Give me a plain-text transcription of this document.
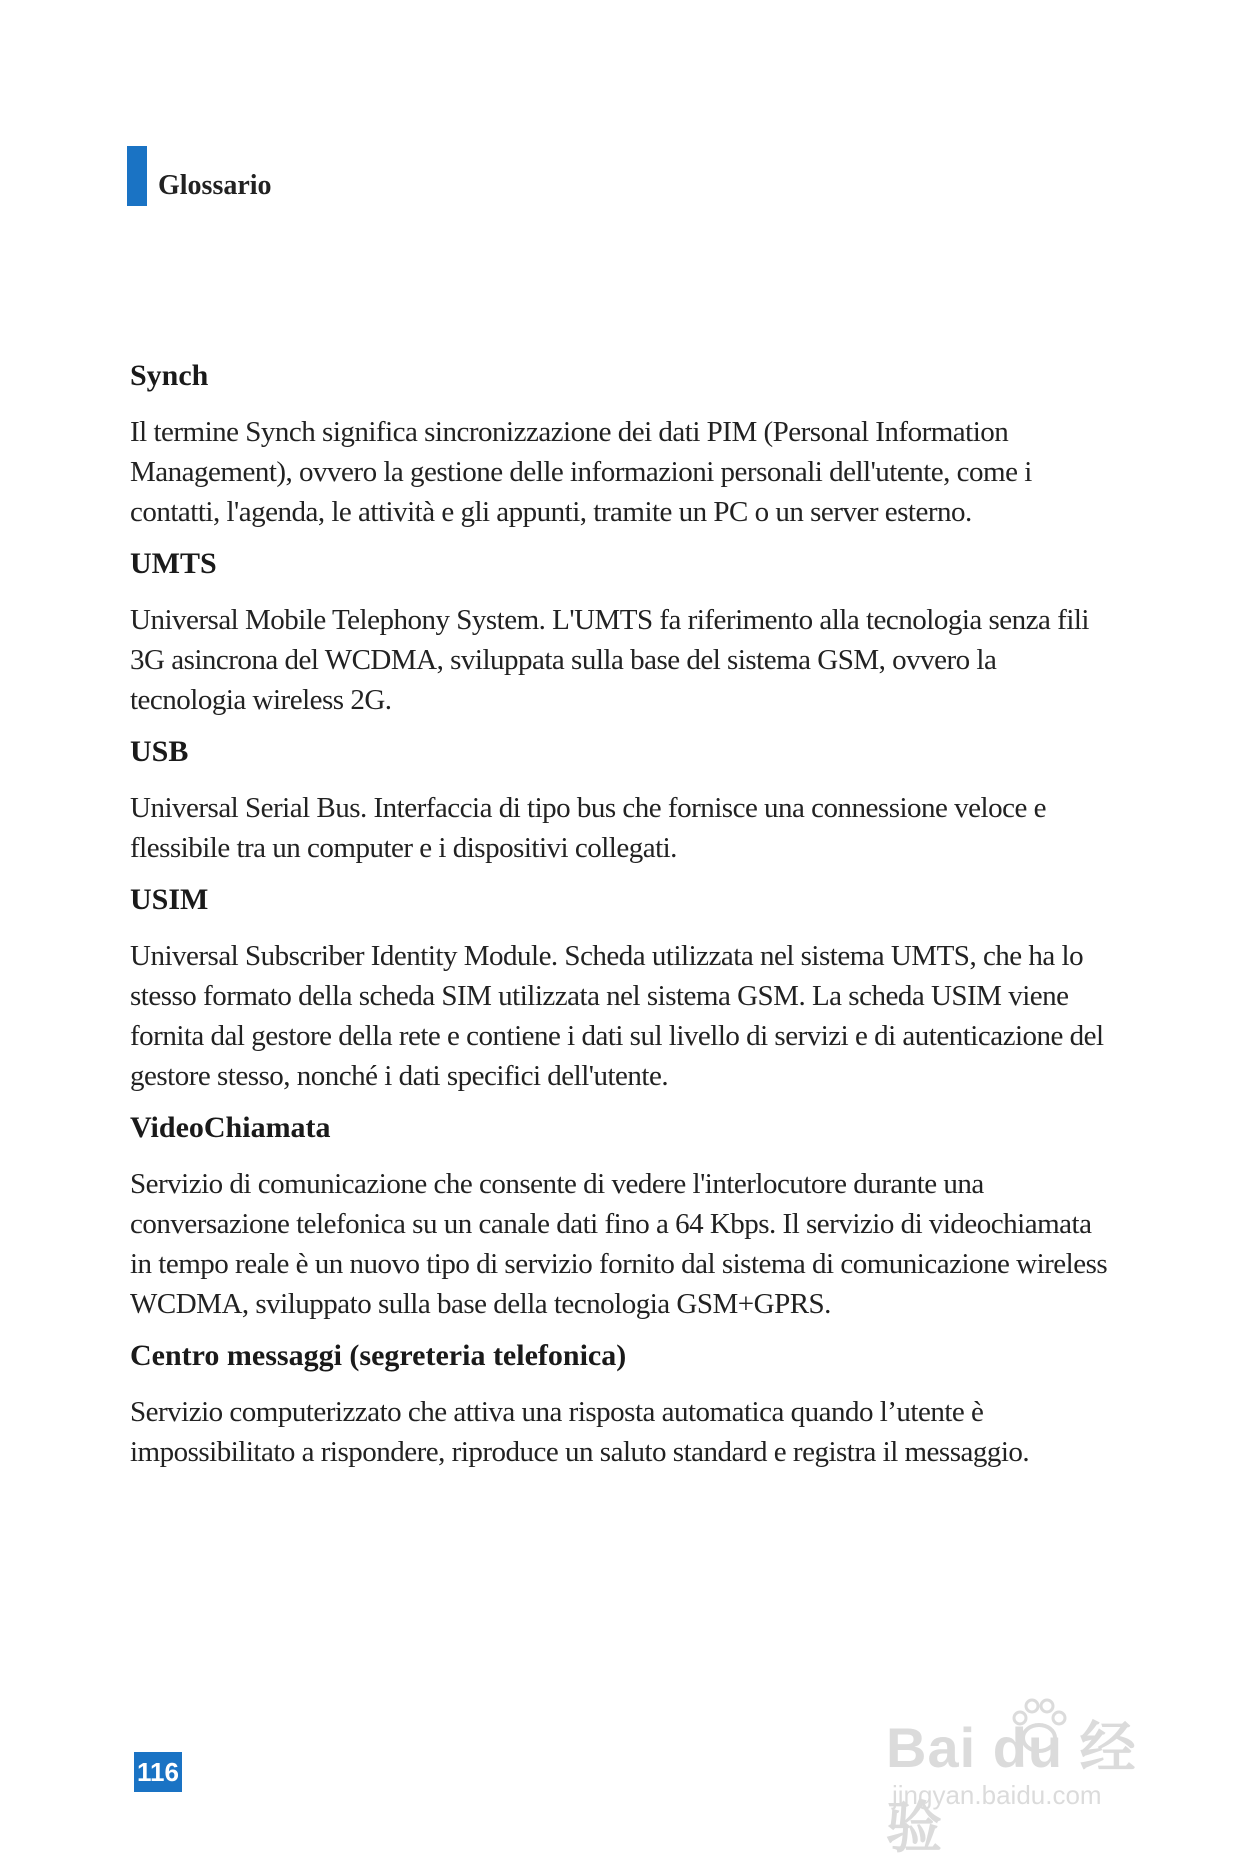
Glossario

Synch

Il termine Synch significa sincronizzazione dei dati PIM (Personal Information Management), ovvero la gestione delle informazioni personali dell'utente, come i contatti, l'agenda, le attività e gli appunti, tramite un PC o un server esterno.

UMTS

Universal Mobile Telephony System. L'UMTS fa riferimento alla tecnologia senza fili 3G asincrona del WCDMA, sviluppata sulla base del sistema GSM, ovvero la tecnologia wireless 2G.

USB

Universal Serial Bus. Interfaccia di tipo bus che fornisce una connessione veloce e flessibile tra un computer e i dispositivi collegati.

USIM

Universal Subscriber Identity Module. Scheda utilizzata nel sistema UMTS, che ha lo stesso formato della scheda SIM utilizzata nel sistema GSM. La scheda USIM viene fornita dal gestore della rete e contiene i dati sul livello di servizi e di autenticazione del gestore stesso, nonché i dati specifici dell'utente.

VideoChiamata

Servizio di comunicazione che consente di vedere l'interlocutore durante una conversazione telefonica su un canale dati fino a 64 Kbps. Il servizio di videochiamata in tempo reale è un nuovo tipo di servizio fornito dal sistema di comunicazione wireless WCDMA, sviluppato sulla base della tecnologia GSM+GPRS.

Centro messaggi (segreteria telefonica)

Servizio computerizzato che attiva una risposta automatica quando l’utente è impossibilitato a rispondere, riproduce un saluto standard e registra il messaggio.

116	Bai du 经验
jingyan.baidu.com
